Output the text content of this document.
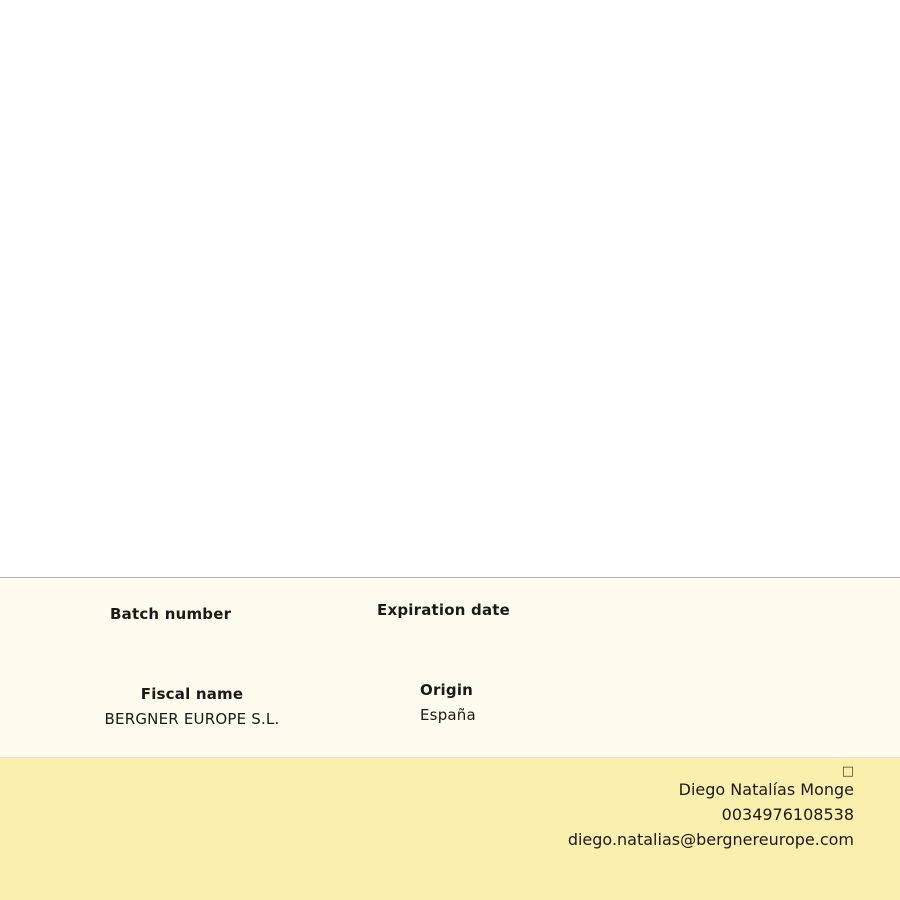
Batch number	Expiration date
Fiscal name
BERGNER EUROPE S.L.
Origin
España
□
Diego Natalías Monge
0034976108538
diego.natalias@bergnereurope.com
